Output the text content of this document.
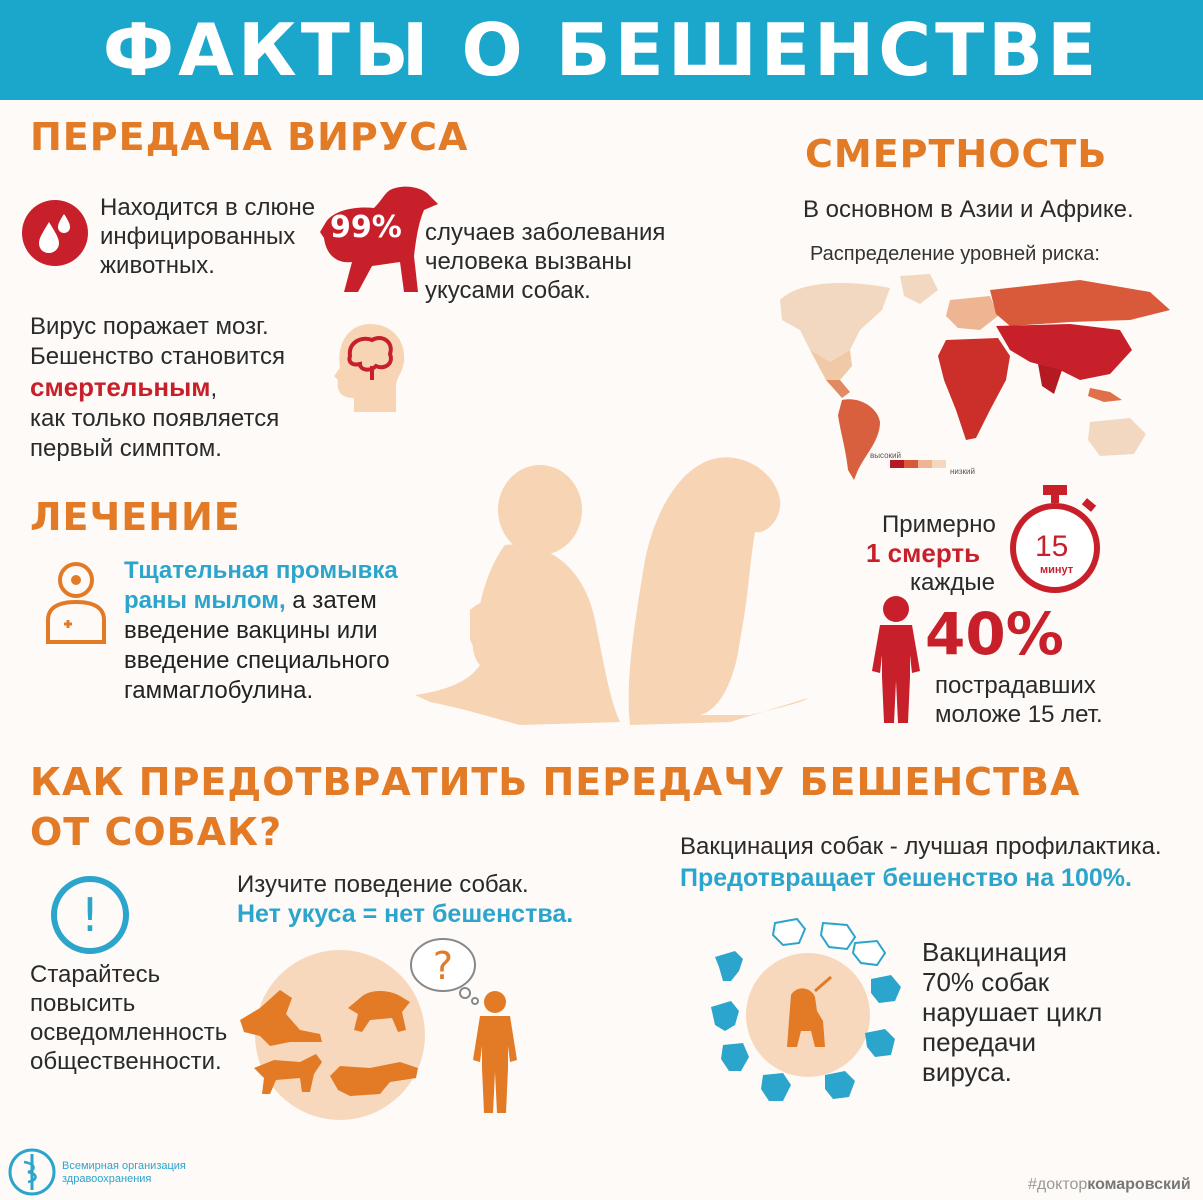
ФАКТЫ О БЕШЕНСТВЕ
ПЕРЕДАЧА ВИРУСА
Находится в слюне
инфицированных
животных.
99% случаев заболевания
человека вызваны
укусами собак.
Вирус поражает мозг.
Бешенство становится
смертельным,
как только появляется
первый симптом.
СМЕРТНОСТЬ
В основном в Азии и Африке.
Распределение уровней риска:
высокий
низкий
Примерно
1 смерть
каждые
15
минут
40%
пострадавших
моложе 15 лет.
ЛЕЧЕНИЕ
Тщательная промывка
раны мылом, а затем
введение вакцины или
введение специального
гаммаглобулина.
КАК ПРЕДОТВРАТИТЬ ПЕРЕДАЧУ БЕШЕНСТВА
ОТ СОБАК?	Вакцинация собак - лучшая профилактика.
Предотвращает бешенство на 100%.
!
Старайтесь
повысить
осведомленность
общественности.
Изучите поведение собак.
Нет укуса = нет бешенства.
?	Вакцинация
70% собак
нарушает цикл
передачи
вируса.
Всемирная организация
здравоохранения	#докторкомаровский
